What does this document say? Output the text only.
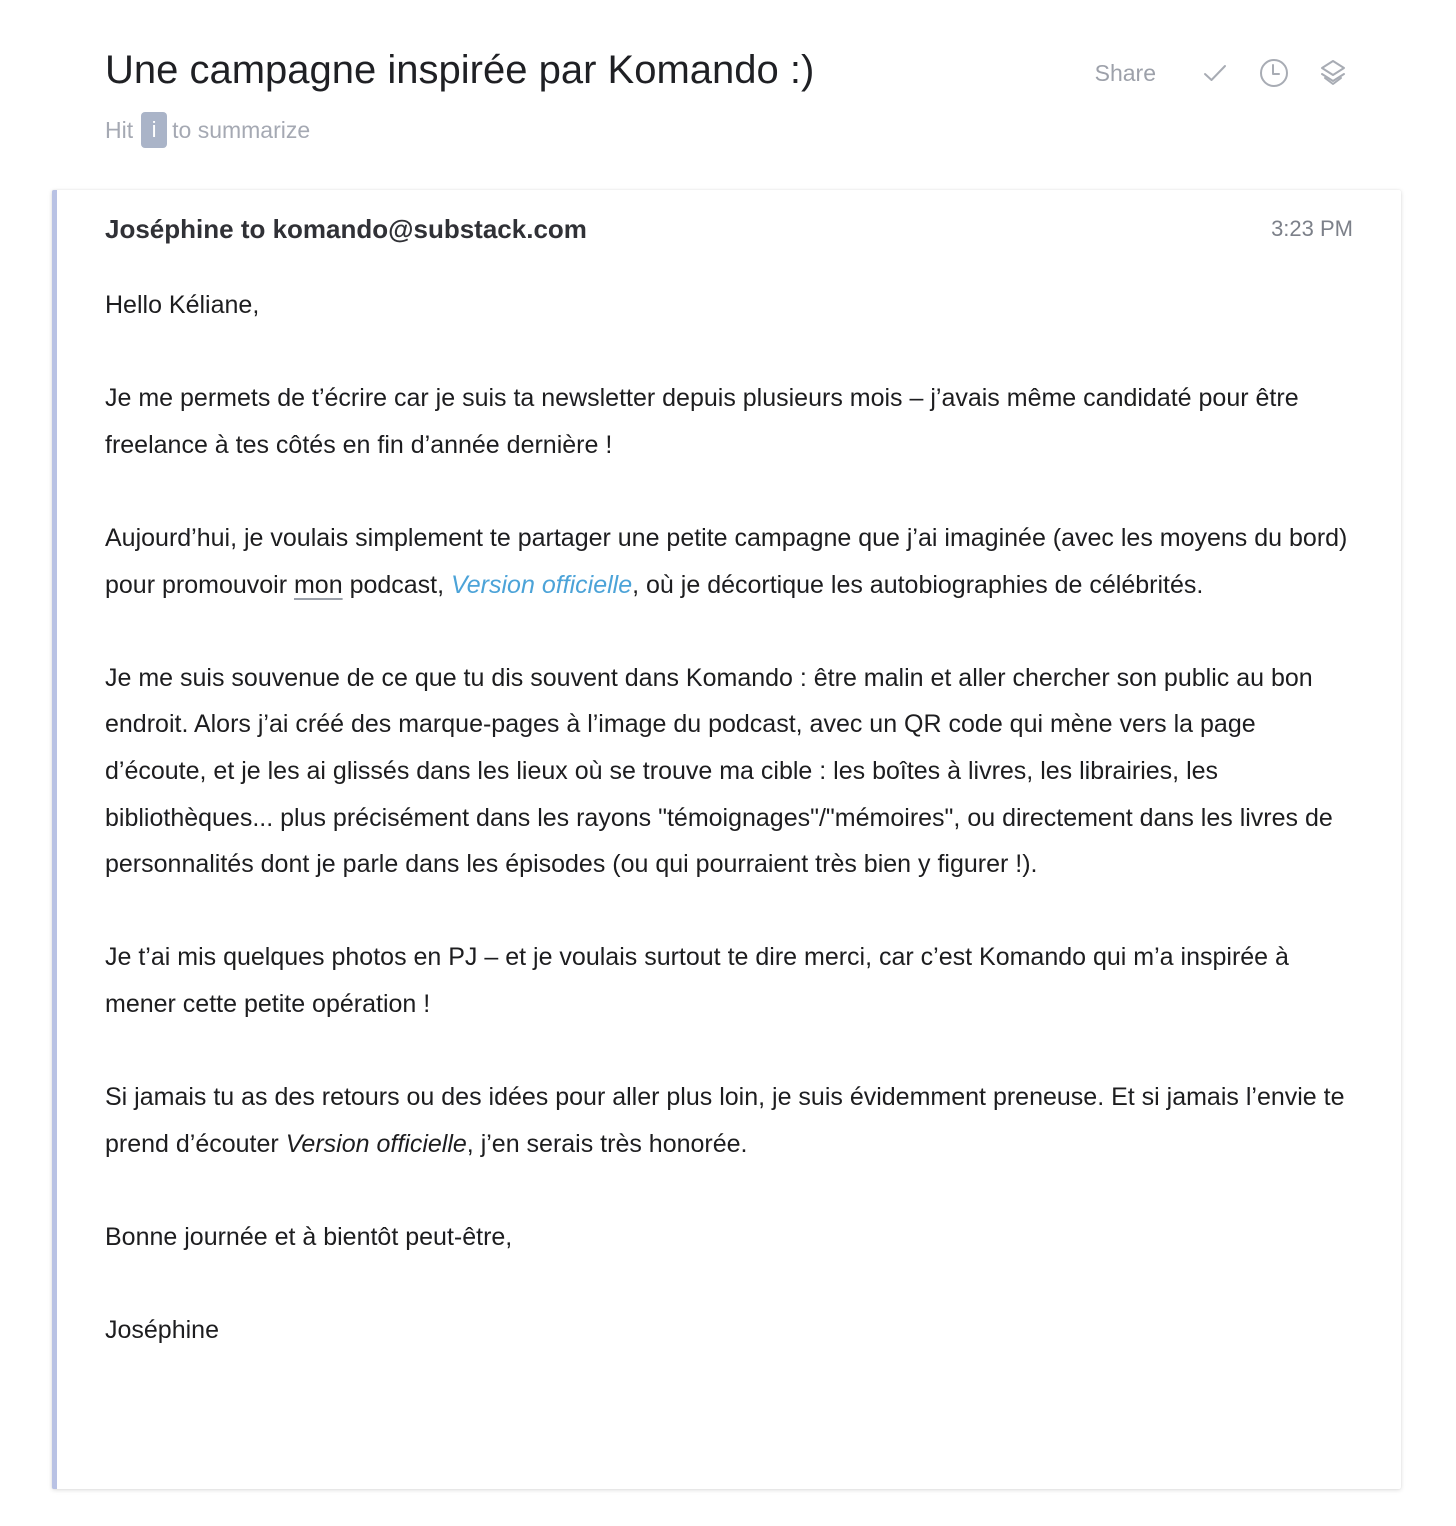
Une campagne inspirée par Komando :)
Hit i to summarize
Share
Joséphine to komando@substack.com	3:23 PM

Hello Kéliane,

Je me permets de t’écrire car je suis ta newsletter depuis plusieurs mois – j’avais même candidaté pour être freelance à tes côtés en fin d’année dernière !

Aujourd’hui, je voulais simplement te partager une petite campagne que j’ai imaginée (avec les moyens du bord) pour promouvoir mon podcast, Version officielle, où je décortique les autobiographies de célébrités.

Je me suis souvenue de ce que tu dis souvent dans Komando : être malin et aller chercher son public au bon endroit. Alors j’ai créé des marque-pages à l’image du podcast, avec un QR code qui mène vers la page d’écoute, et je les ai glissés dans les lieux où se trouve ma cible : les boîtes à livres, les librairies, les bibliothèques... plus précisément dans les rayons "témoignages"/"mémoires", ou directement dans les livres de personnalités dont je parle dans les épisodes (ou qui pourraient très bien y figurer !).

Je t’ai mis quelques photos en PJ – et je voulais surtout te dire merci, car c’est Komando qui m’a inspirée à mener cette petite opération !

Si jamais tu as des retours ou des idées pour aller plus loin, je suis évidemment preneuse. Et si jamais l’envie te prend d’écouter Version officielle, j’en serais très honorée.

Bonne journée et à bientôt peut-être,

Joséphine
